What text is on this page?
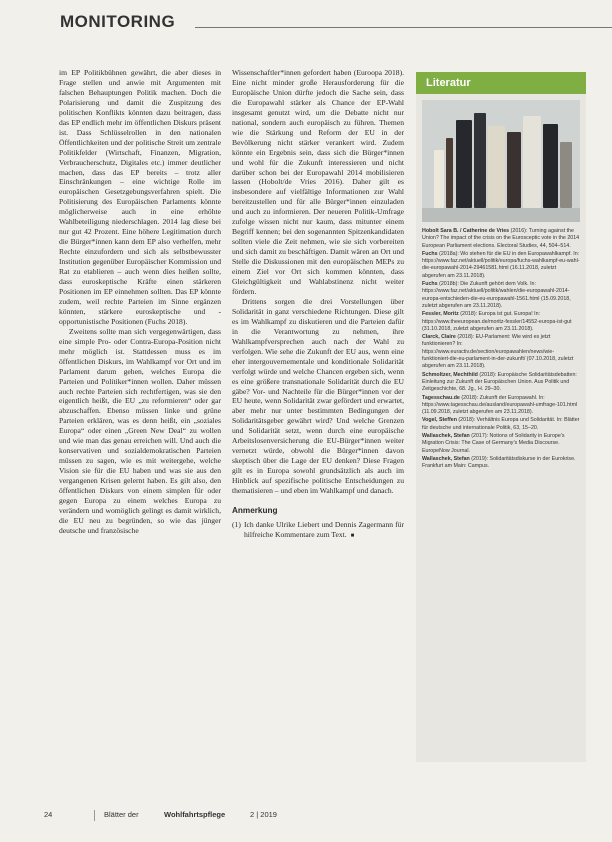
MONITORING

im EP Politikbühnen gewährt, die aber dieses in Frage stellen und anwie mit Argumenten mit falschen Behauptungen Politik machen. Doch die Polarisierung und damit die Zuspitzung des politischen Konflikts könnten dazu beitragen, dass das EP endlich mehr im öffentlichen Diskurs präsent ist. Dass Schlüsselrollen in den nationalen Öffentlichkeiten und der politische Streit um zentrale Politikfelder (Wirtschaft, Finanzen, Migration, Verbraucherschutz, Digitales etc.) immer deutlicher machen, dass das EP bereits – trotz aller Einschränkungen – eine wichtige Rolle im europäischen Gesetzgebungsverfahren spielt. Die Politisierung des Europäischen Parlaments könnte möglicherweise auch in eine erhöhte Wahlbeteiligung niederschlagen. 2014 lag diese bei nur gut 42 Prozent. Eine höhere Legitimation durch die Bürger*innen kann dem EP also verhelfen, mehr Rechte einzufordern und sich als selbstbewusster Institution gegenüber Europäischer Kommission und Rat zu etablieren – auch wenn dies heißen sollte, dass euroskeptische Kräfte einen stärkeren Positionen im EP einnehmen sollten. Das EP könnte zudem, weil rechte Parteien im Sinne ergänzen könnten, stärkere euroskeptische und -opportunistische Positionen (Fuchs 2018).

Zweitens sollte man sich vergegenwärtigen, dass eine simple Pro- oder Contra-Europa-Position nicht mehr möglich ist. Stattdessen muss es im öffentlichen Diskurs, im Wahlkampf vor Ort und im Parlament darum gehen, welches Europa die Parteien und Politiker*innen wollen. Daher müssen auch rechte Parteien sich rechtfertigen, was sie den eigentlich heißt, die EU „zu reformieren“ oder gar abzuschaffen. Ebenso müssen linke und grüne Parteien erklären, was es denn heißt, ein „soziales Europa“ oder einen „Green New Deal“ zu wollen und wie man das genau erreichen will. Und auch die konservativen und sozialdemokratischen Parteien müssen zu sagen, wie es mit weitergehe, welche Vision sie für die EU haben und was sie aus den vergangenen Krisen gelernt haben. Es gilt also, den öffentlichen Diskurs von einem simplen für oder gegen Europa zu einem welches Europa zu verändern und womöglich gelingt es damit wirklich, die EU neu zu begründen, so wie das jünger deutsche und französische

Wissenschaftler*innen gefordert haben (Euroopa 2018). Eine nicht minder große Herausforderung für die Europäische Union dürfte jedoch die Sache sein, dass die Europawahl stärker als Chance der EP-Wahl insgesamt genutzt wird, um die Debatte nicht nur national, sondern auch europäisch zu führen. Themen wie die Stärkung und Reform der EU in der Bevölkerung nicht stärker verankert wird. Zudem könnte ein Ergebnis sein, dass sich die Bürger*innen und wohl für die Zukunft interessieren und nicht darüber schon bei der Europawahl 2014 mobilisieren lassen (Hobolt/de Vries 2016). Daher gilt es insbesondere auf vielfältige Informationen zur Wahl bereitzustellen und für alle Bürger*innen einzuladen und auch zu informieren. Der neueren Politik-Umfrage zufolge wissen nicht nur kaum, dass mitunter einem Begriff kennen; bei den sogenannten Spitzenkandidaten sollten viele die Zeit nehmen, wie sie sich vorbereiten und sich damit zu beschäftigen. Damit wären an Ort und Stelle die Diskussionen mit den europäischen MEPs zu einem Ziel vor Ort sich kommen könnten, dass Gleichgültigkeit und Wahlabstinenz nicht weiter fördern.

Drittens sorgen die drei Vorstellungen über Solidarität in ganz verschiedene Richtungen. Diese gilt es im Wahlkampf zu diskutieren und die Parteien dafür in die Verantwortung zu nehmen, ihre Wahlkampfversprechen auch nach der Wahl zu verfolgen. Wie sehe die Zukunft der EU aus, wenn eine eher intergouvernementale und konditionale Solidarität verfolgt würde und welche Chancen ergeben sich, wenn es eine größere transnationale Solidarität durch die EU gäbe? Vor- und Nachteile für die Bürger*innen vor der EU heute, wenn Solidarität zwar gefördert und erwartet, aber mehr nur unter bestimmten Bedingungen der Solidaritätsgeber gewährt wird? Und welche Grenzen und Solidarität setzt, wenn durch eine europäische Arbeitslosenversicherung die EU-Bürger*innen weiter vernetzt würde, obwohl die Bürger*innen davon skeptisch über die Lage der EU denken? Diese Fragen gilt es in Europa sowohl grundsätzlich als auch im Hinblick auf spezifische politische Entscheidungen zu thematisieren – und eben im Wahlkampf und danach.

Anmerkung
(1) Ich danke Ulrike Liebert und Dennis Zagermann für hilfreiche Kommentare zum Text. ■
Literatur

Hobolt Sara B. / Catherine de Vries (2016): Turning against the Union? The impact of the crisis on the Eurosceptic vote in the 2014 European Parliament elections. Electoral Studies, 44, 504–514.

Fuchs (2018a): Wo stehen für die EU in den Europawahlkampf. In: https://www.faz.net/aktuell/politik/europa/fuchs-wahlkampf-eu-wahl-die-europawahl-2014-29461581.html (16.11.2018, zuletzt abgerufen am 23.11.2018).

Fuchs (2018b): Die Zukunft gehört dem Volk. In: https://www.faz.net/aktuell/politik/wahlen/die-europawahl-2014-europa-entschieden-die-eu-europawahl-1561.html (15.09.2018, zuletzt abgerufen am 23.11.2018).

Fessler, Moritz (2018): Europa ist gut. Europa! In: https://www.theeuropean.de/moritz-fessler/14552-europa-ist-gut (31.10.2018, zuletzt abgerufen am 23.11.2018).

Clarck, Claire (2018): EU-Parlament: Wie wird es jetzt funktionieren? In: https://www.euractiv.de/section/europawahlen/news/wie-funktioniert-die-eu-parlament-in-der-zukunft/ (07.10.2018, zuletzt abgerufen am 23.11.2018).

Schmoltzer, Mechthild (2018): Europäische Solidaritätsdebatten: Einleitung zur Zukunft der Europäischen Union. Aus Politik und Zeitgeschichte, 68. Jg., H. 29–30.

Tagesschau.de (2018): Zukunft der Europawahl. In: https://www.tagesschau.de/ausland/europawahl-umfrage-101.html (11.09.2018, zuletzt abgerufen am 23.11.2018).

Vogel, Steffen (2018): Verhältnis Europa und Solidarität. In: Blätter für deutsche und internationale Politik, 63, 15–20.

Wallaschek, Stefan (2017): Notions of Solidarity in Europe’s Migration Crisis: The Case of Germany’s Media Discourse. EuropeNow Journal.

Wallaschek, Stefan (2019): Solidaritätsdiskurse in der Eurokrise. Frankfurt am Main: Campus.

24	Blätter der	Wohlfahrtspflege	2 | 2019
